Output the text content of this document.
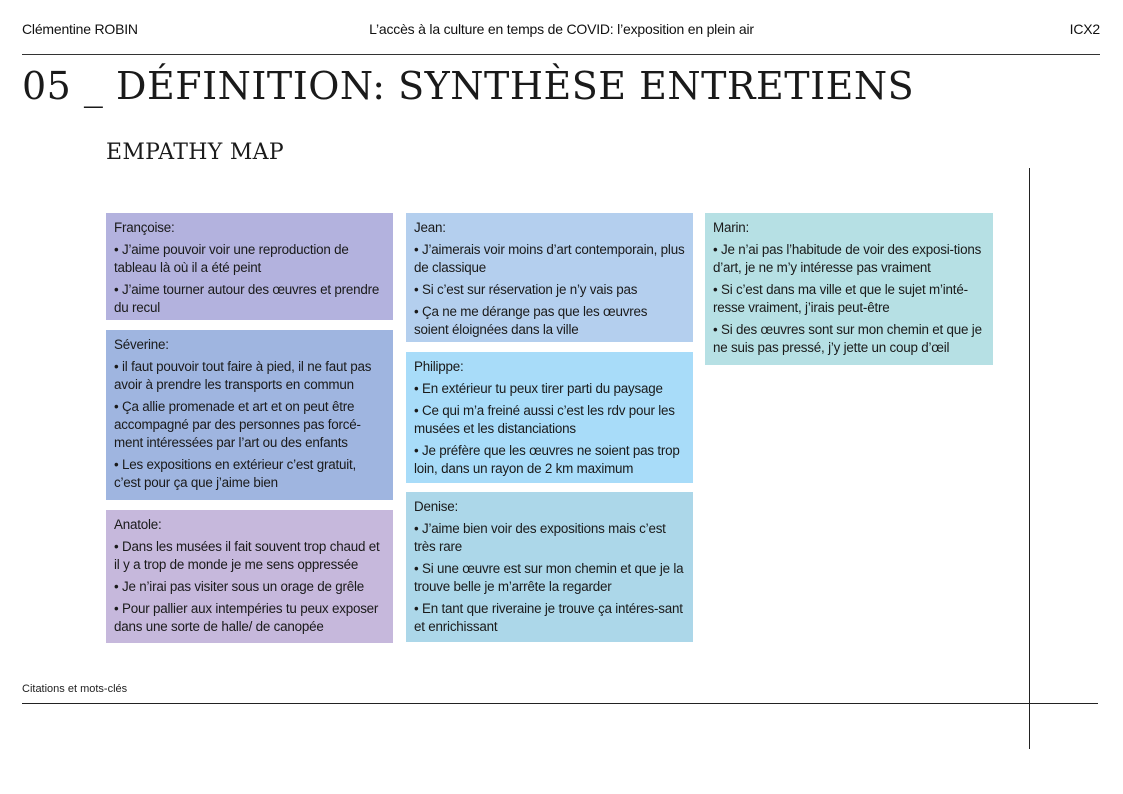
Clémentine ROBIN	L’accès à la culture en temps de COVID: l’exposition en plein air	ICX2
05 _ DÉFINITION: SYNTHÈSE ENTRETIENS
EMPATHY MAP
Françoise:
• J’aime pouvoir voir une reproduction de tableau là où il a été peint
• J’aime tourner autour des œuvres et prendre du recul
Séverine:
• il faut pouvoir tout faire à pied, il ne faut pas avoir à prendre les transports en commun
• Ça allie promenade et art et on peut être accompagné par des personnes pas forcé-ment intéressées par l’art ou des enfants
• Les expositions en extérieur c’est gratuit, c’est pour ça que j’aime bien
Anatole:
• Dans les musées il fait souvent trop chaud et il y a trop de monde je me sens oppressée
• Je n’irai pas visiter sous un orage de grêle
• Pour pallier aux intempéries tu peux exposer dans une sorte de halle/ de canopée
Jean:
• J’aimerais voir moins d’art contemporain, plus de classique
• Si c’est sur réservation je n’y vais pas
• Ça ne me dérange pas que les œuvres soient éloignées dans la ville
Philippe:
• En extérieur tu peux tirer parti du paysage
• Ce qui m’a freiné aussi c’est les rdv pour les musées et les distanciations
• Je préfère que les œuvres ne soient pas trop loin, dans un rayon de 2 km maximum
Denise:
• J’aime bien voir des expositions mais c’est très rare
• Si une œuvre est sur mon chemin et que je la trouve belle je m’arrête la regarder
• En tant que riveraine je trouve ça intéres-sant et enrichissant
Marin:
• Je n’ai pas l’habitude de voir des exposi-tions d’art, je ne m’y intéresse pas vraiment
• Si c’est dans ma ville et que le sujet m’inté-resse vraiment, j’irais peut-être
• Si des œuvres sont sur mon chemin et que je ne suis pas pressé, j’y jette un coup d’œil
Citations et mots-clés
